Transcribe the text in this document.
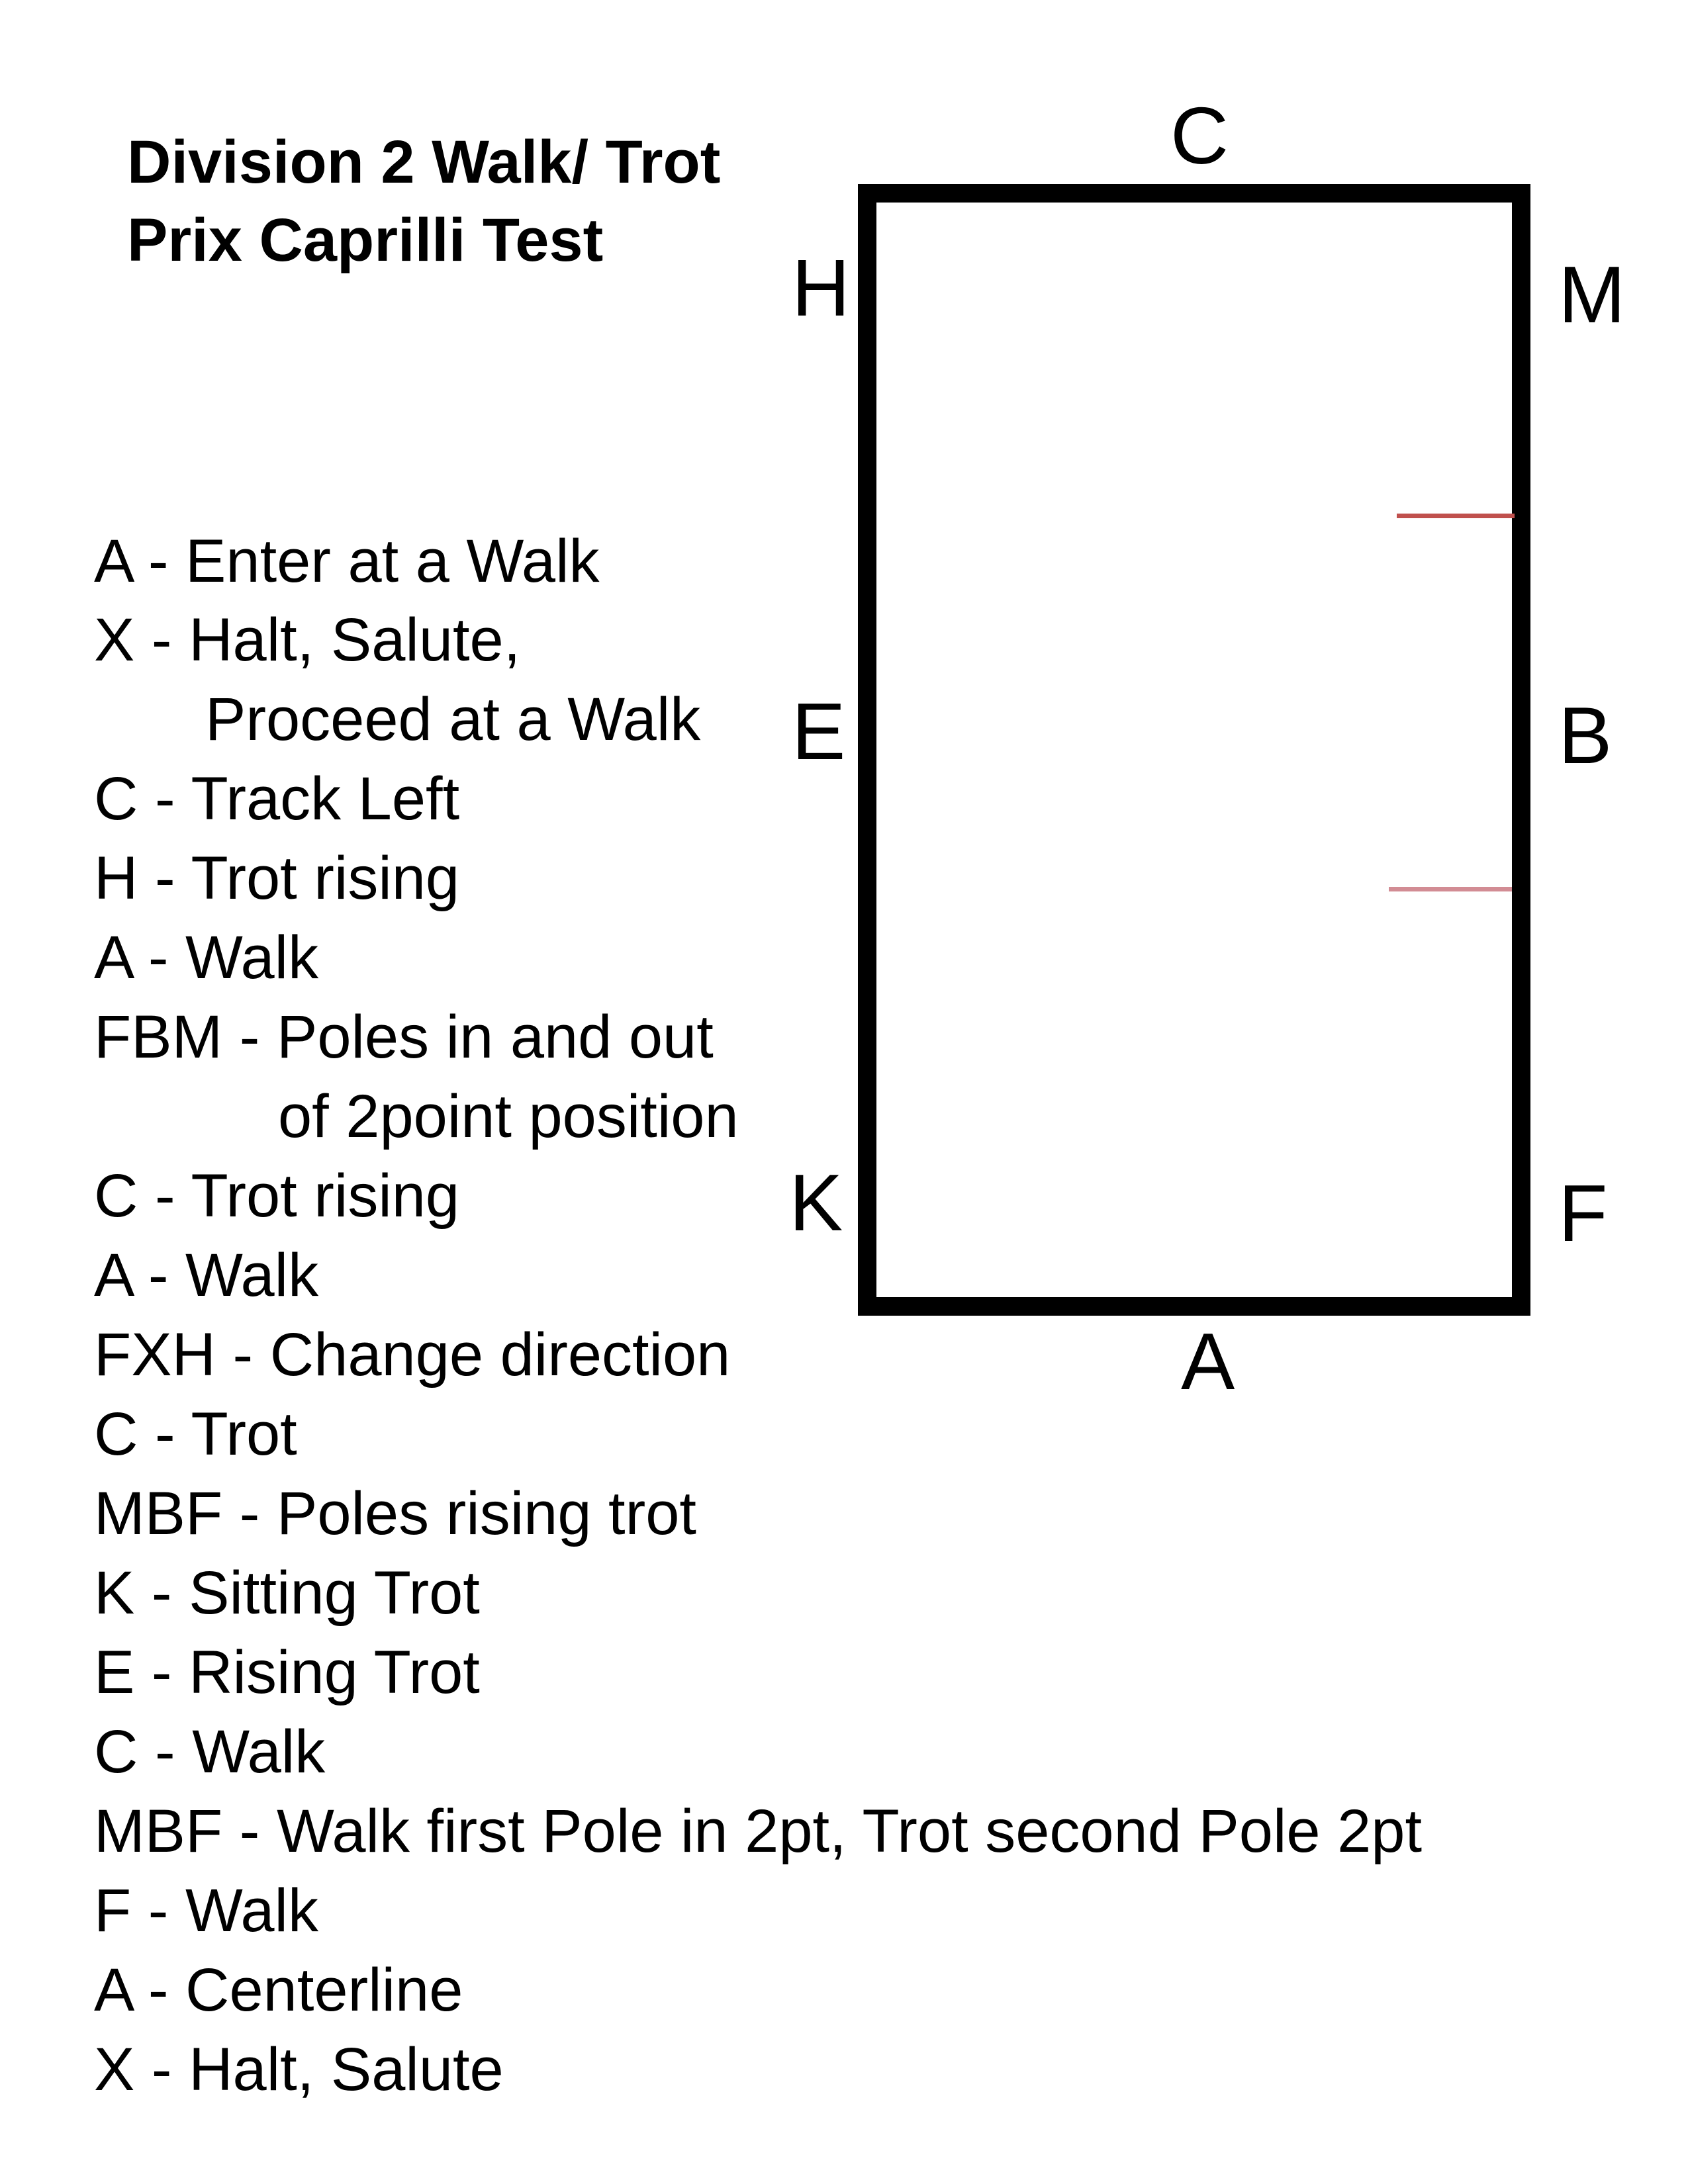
Division 2 Walk/ Trot
Prix Caprilli Test
A - Enter at a Walk
X - Halt, Salute,
Proceed at a Walk
C - Track Left
H - Trot rising
A - Walk
FBM - Poles in and out
of 2point position
C - Trot rising
A - Walk
FXH - Change direction
C - Trot
MBF - Poles rising trot
K - Sitting Trot
E - Rising Trot
C - Walk
MBF - Walk first Pole in 2pt, Trot second Pole 2pt
F - Walk
A - Centerline
X - Halt, Salute
C
H	M
E	B
K	F
A
